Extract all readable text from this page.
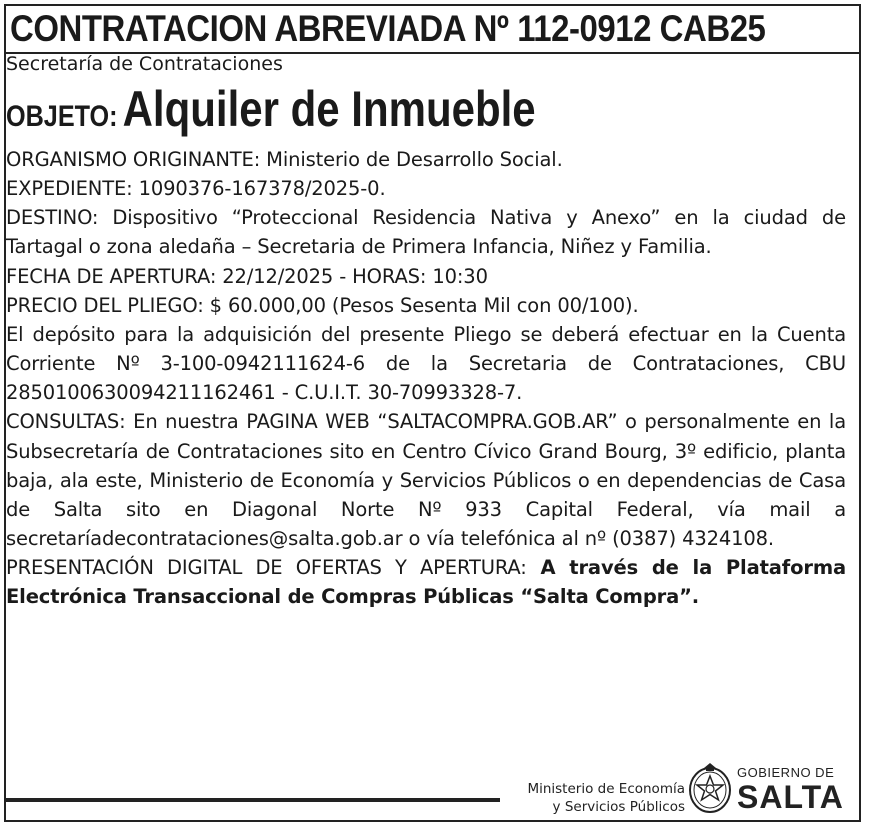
CONTRATACION ABREVIADA Nº 112-0912 CAB25
Secretaría de Contrataciones
OBJETO: Alquiler de Inmueble

ORGANISMO ORIGINANTE: Ministerio de Desarrollo Social.

EXPEDIENTE: 1090376-167378/2025-0.

DESTINO: Dispositivo “Proteccional Residencia Nativa y Anexo” en la ciudad de Tartagal o zona aledaña – Secretaria de Primera Infancia, Niñez y Familia.

FECHA DE APERTURA: 22/12/2025 - HORAS: 10:30

PRECIO DEL PLIEGO: $ 60.000,00 (Pesos Sesenta Mil con 00/100).

El depósito para la adquisición del presente Pliego se deberá efectuar en la Cuenta Corriente Nº 3-100-0942111624-6 de la Secretaria de Contrataciones, CBU 2850100630094211162461 - C.U.I.T. 30-70993328-7.

CONSULTAS: En nuestra PAGINA WEB “SALTACOMPRA.GOB.AR” o personalmente en la Subsecretaría de Contrataciones sito en Centro Cívico Grand Bourg, 3º edificio, planta baja, ala este, Ministerio de Economía y Servicios Públicos o en dependencias de Casa de Salta sito en Diagonal Norte Nº 933 Capital Federal, vía mail a secretaríadecontrataciones@salta.gob.ar o vía telefónica al nº (0387) 4324108.

PRESENTACIÓN DIGITAL DE OFERTAS Y APERTURA: A través de la Plataforma Electrónica Transaccional de Compras Públicas “Salta Compra”.

Ministerio de Economía
y Servicios Públicos
GOBIERNO DE
SALTA
